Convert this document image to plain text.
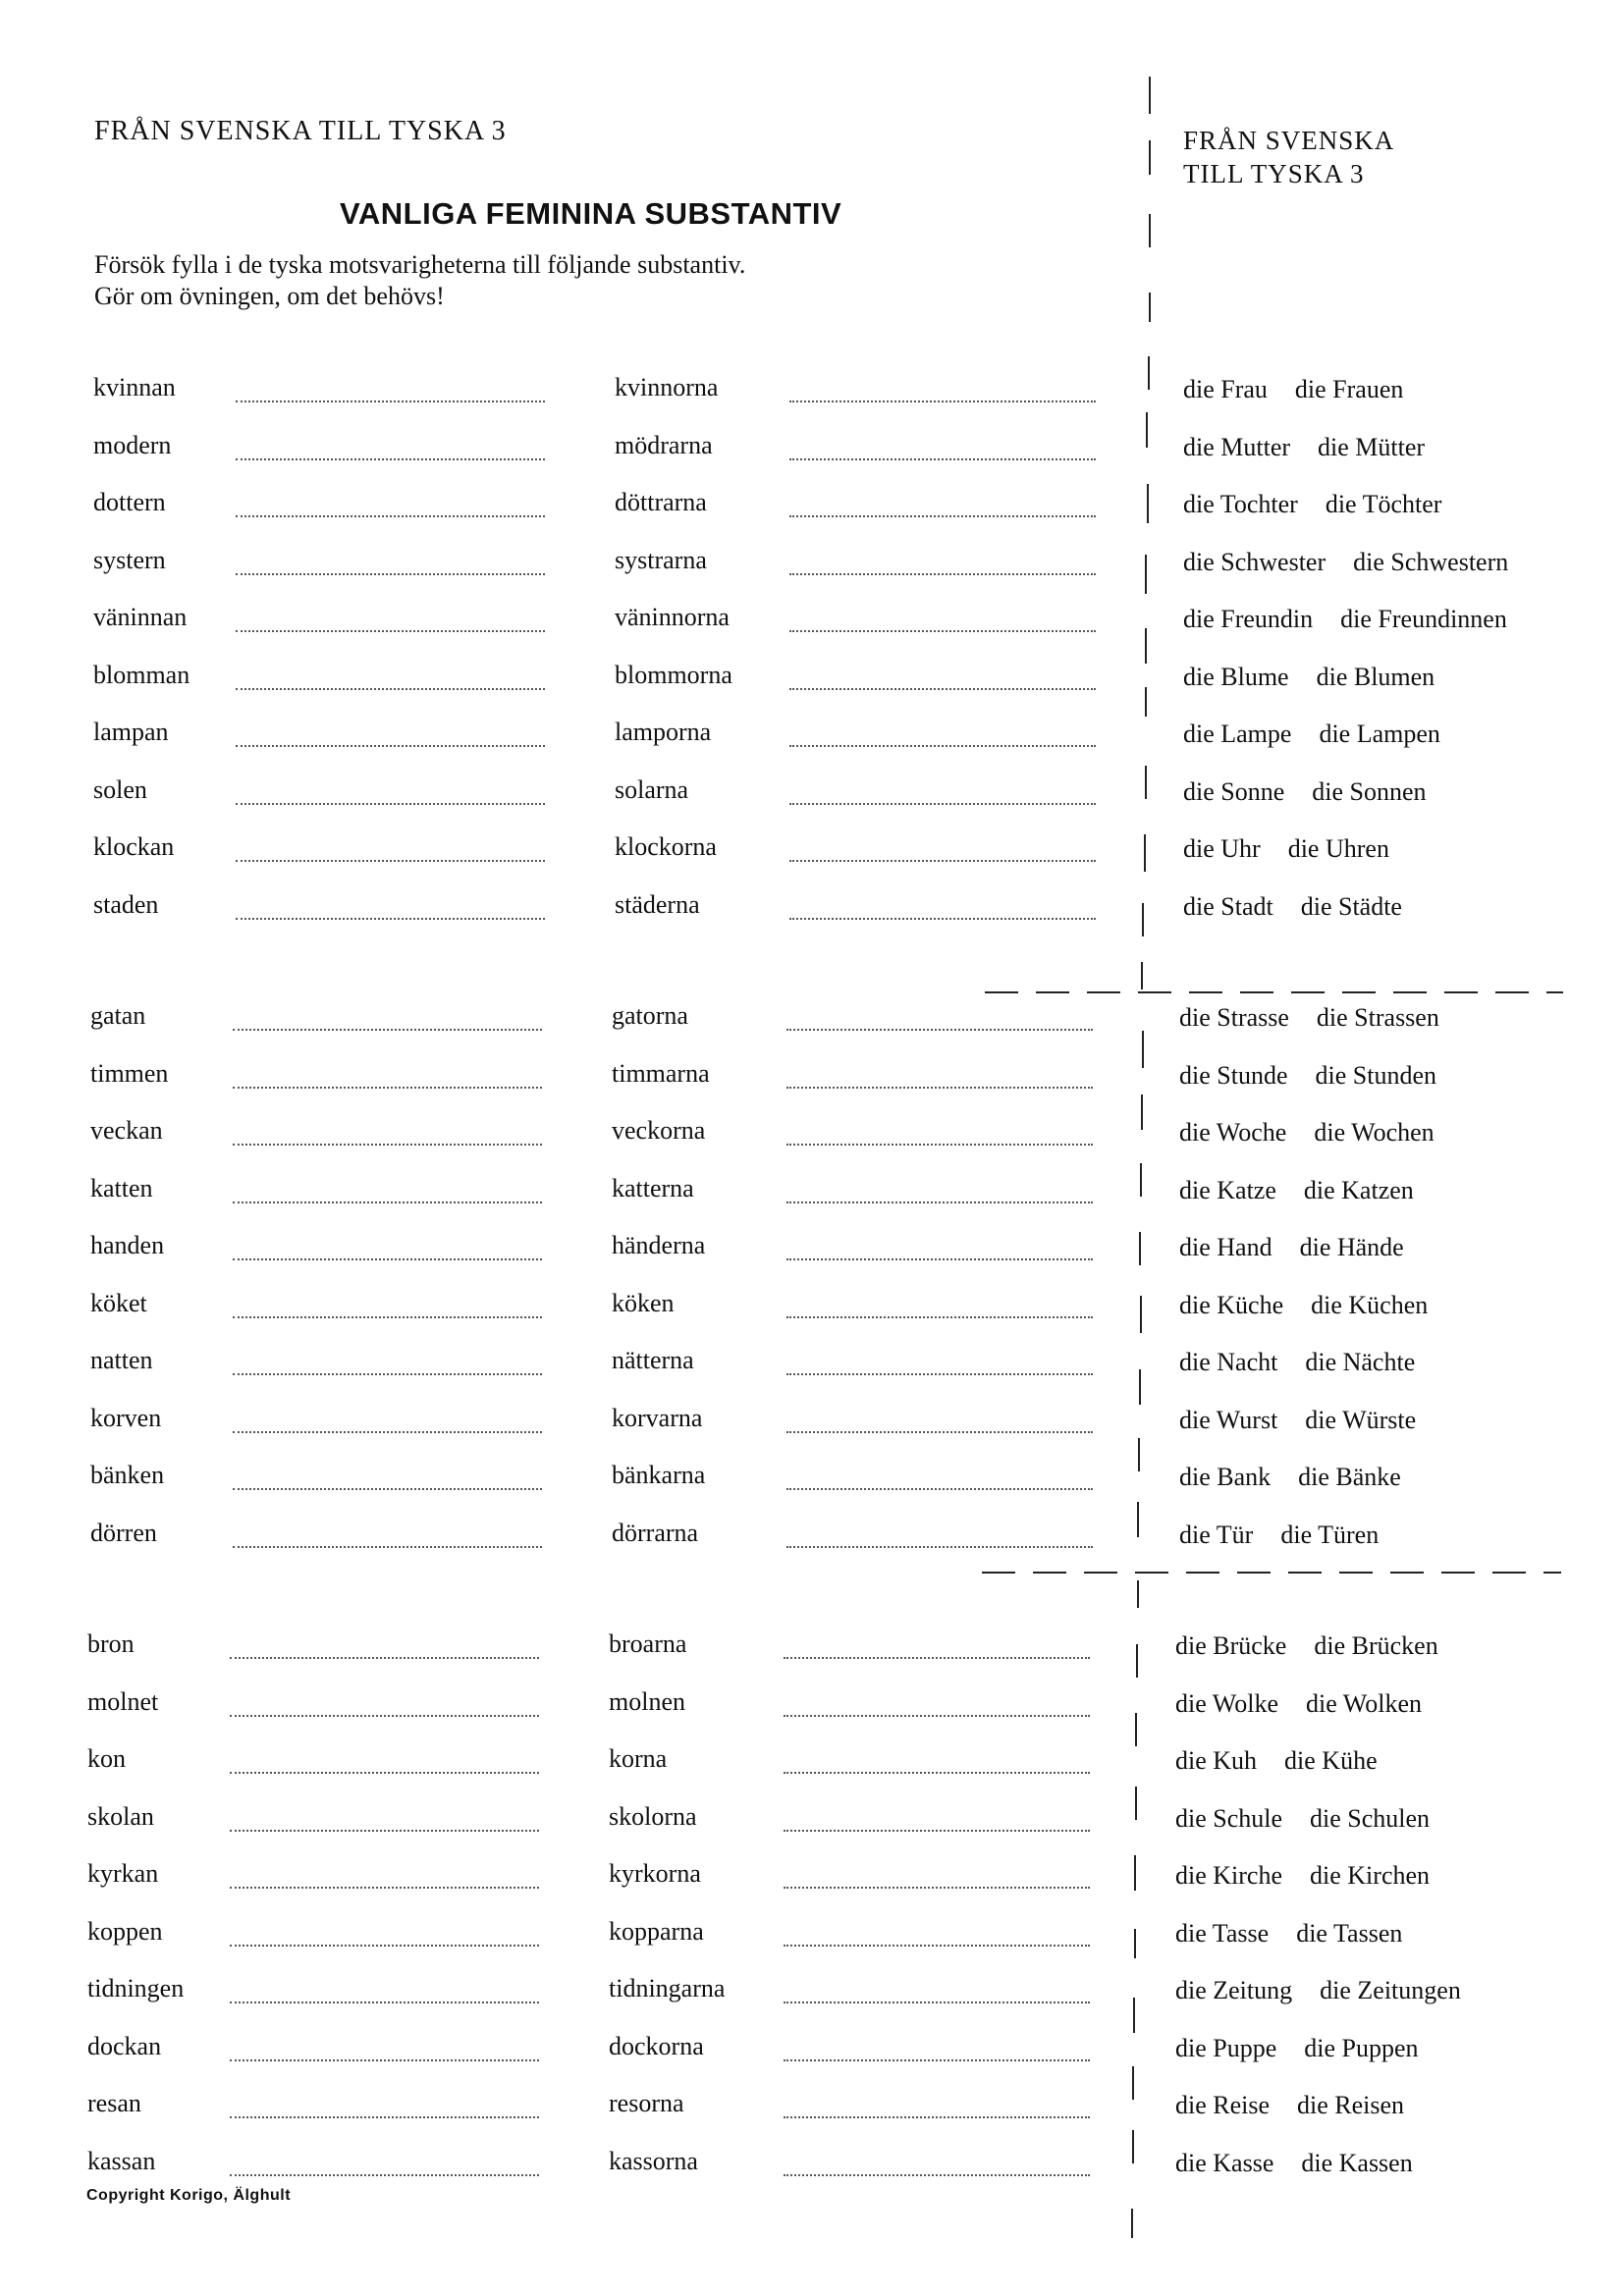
FRÅN SVENSKA TILL TYSKA 3
VANLIGA FEMININA SUBSTANTIV
Försök fylla i de tyska motsvarigheterna till följande substantiv.
Gör om övningen, om det behövs!
FRÅN SVENSKA
TILL TYSKA 3
kvinnan	kvinnorna	die Frau die Frauen
modern	mödrarna	die Mutter die Mütter
dottern	döttrarna	die Tochter die Töchter
systern	systrarna	die Schwester die Schwestern
väninnan	väninnorna	die Freundin die Freundinnen
blomman	blommorna	die Blume die Blumen
lampan	lamporna	die Lampe die Lampen
solen	solarna	die Sonne die Sonnen
klockan	klockorna	die Uhr die Uhren
staden	städerna	die Stadt die Städte
gatan	gatorna	die Strasse die Strassen
timmen	timmarna	die Stunde die Stunden
veckan	veckorna	die Woche die Wochen
katten	katterna	die Katze die Katzen
handen	händerna	die Hand die Hände
köket	köken	die Küche die Küchen
natten	nätterna	die Nacht die Nächte
korven	korvarna	die Wurst die Würste
bänken	bänkarna	die Bank die Bänke
dörren	dörrarna	die Tür die Türen
bron	broarna	die Brücke die Brücken
molnet	molnen	die Wolke die Wolken
kon	korna	die Kuh die Kühe
skolan	skolorna	die Schule die Schulen
kyrkan	kyrkorna	die Kirche die Kirchen
koppen	kopparna	die Tasse die Tassen
tidningen	tidningarna	die Zeitung die Zeitungen
dockan	dockorna	die Puppe die Puppen
resan	resorna	die Reise die Reisen
kassan	kassorna	die Kasse die Kassen
Copyright Korigo, Älghult
